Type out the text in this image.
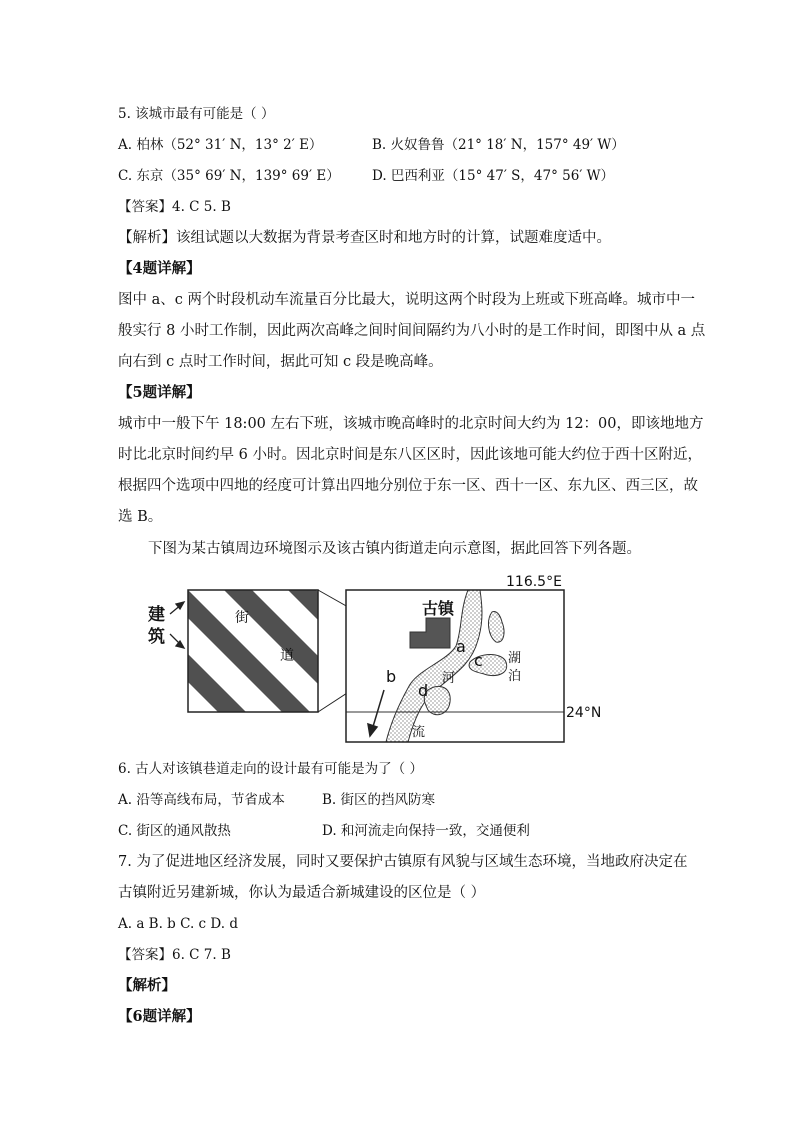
5. 该城市最有可能是（ ）
A. 柏林（52° 31′ N，13° 2′ E）	B. 火奴鲁鲁（21° 18′ N，157° 49′ W）
C. 东京（35° 69′ N，139° 69′ E） D. 巴西利亚（15° 47′ S，47° 56′ W）
【答案】4. C 5. B
【解析】该组试题以大数据为背景考查区时和地方时的计算，试题难度适中。
【4题详解】
图中 a、c 两个时段机动车流量百分比最大，说明这两个时段为上班或下班高峰。城市中一
般实行 8 小时工作制，因此两次高峰之间时间间隔约为八小时的是工作时间，即图中从 a 点
向右到 c 点时工作时间，据此可知 c 段是晚高峰。
【5题详解】
城市中一般下午 18:00 左右下班，该城市晚高峰时的北京时间大约为 12：00，即该地地方
时比北京时间约早 6 小时。因北京时间是东八区区时，因此该地可能大约位于西十区附近，
根据四个选项中四地的经度可计算出四地分别位于东一区、西十一区、东九区、西三区，故
选 B。
下图为某古镇周边环境图示及该古镇内街道走向示意图，据此回答下列各题。
街
道
建
筑
古镇
a
b
c
d
河
流
湖
泊
116.5°E
24°N
6. 古人对该镇巷道走向的设计最有可能是为了（ ）
A. 沿等高线布局，节省成本	B. 街区的挡风防寒
C. 街区的通风散热	D. 和河流走向保持一致，交通便利
7. 为了促进地区经济发展，同时又要保护古镇原有风貌与区域生态环境，当地政府决定在
古镇附近另建新城，你认为最适合新城建设的区位是（ ）
A. a B. b C. c D. d
【答案】6. C 7. B
【解析】
【6题详解】
